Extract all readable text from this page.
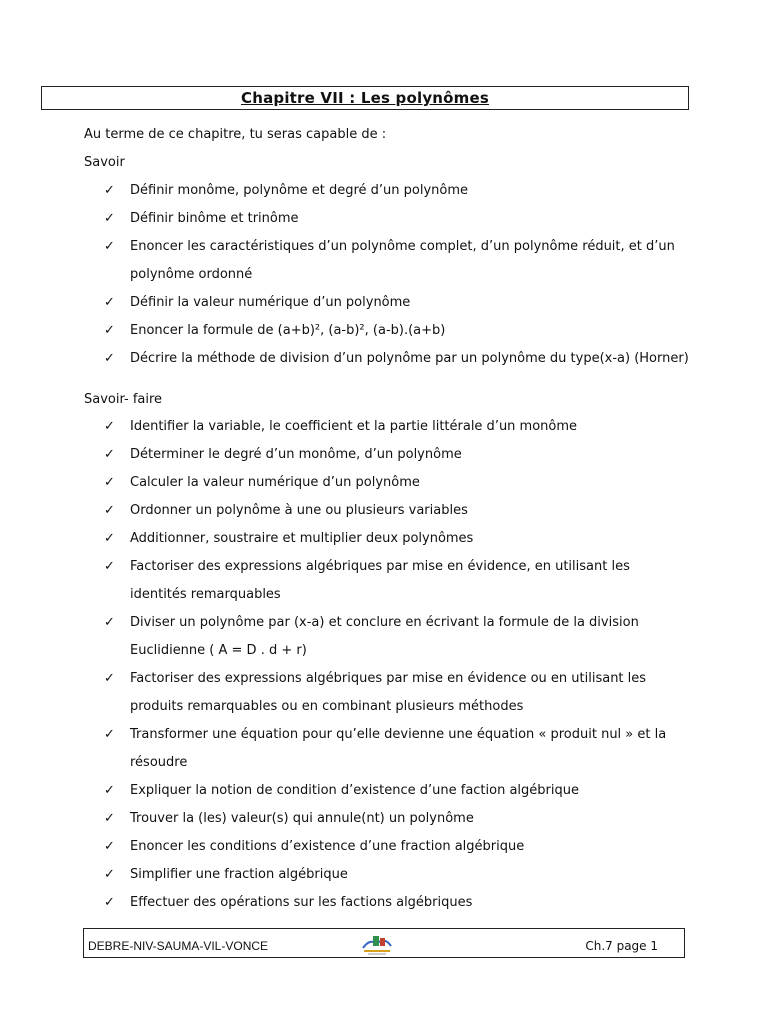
Chapitre VII : Les polynômes
Au terme de ce chapitre, tu seras capable de :
Savoir
✓ Définir monôme, polynôme et degré d’un polynôme
✓ Définir binôme et trinôme
✓ Enoncer les caractéristiques d’un polynôme complet, d’un polynôme réduit, et d’un polynôme ordonné
✓ Définir la valeur numérique d’un polynôme
✓ Enoncer la formule de (a+b)², (a-b)², (a-b).(a+b)
✓ Décrire la méthode de division d’un polynôme par un polynôme du type(x-a) (Horner)
Savoir- faire
✓ Identifier la variable, le coefficient et la partie littérale d’un monôme
✓ Déterminer le degré d’un monôme, d’un polynôme
✓ Calculer la valeur numérique d’un polynôme
✓ Ordonner un polynôme à une ou plusieurs variables
✓ Additionner, soustraire et multiplier deux polynômes
✓ Factoriser des expressions algébriques par mise en évidence, en utilisant les identités remarquables
✓ Diviser un polynôme par (x-a) et conclure en écrivant la formule de la division Euclidienne ( A = D . d + r)
✓ Factoriser des expressions algébriques par mise en évidence ou en utilisant les produits remarquables ou en combinant plusieurs méthodes
✓ Transformer une équation pour qu’elle devienne une équation « produit nul » et la résoudre
✓ Expliquer la notion de condition d’existence d’une faction algébrique
✓ Trouver la (les) valeur(s) qui annule(nt) un polynôme
✓ Enoncer les conditions d’existence d’une fraction algébrique
✓ Simplifier une fraction algébrique
✓ Effectuer des opérations sur les factions algébriques
DEBRE-NIV-SAUMA-VIL-VONCE	Ch.7 page 1
